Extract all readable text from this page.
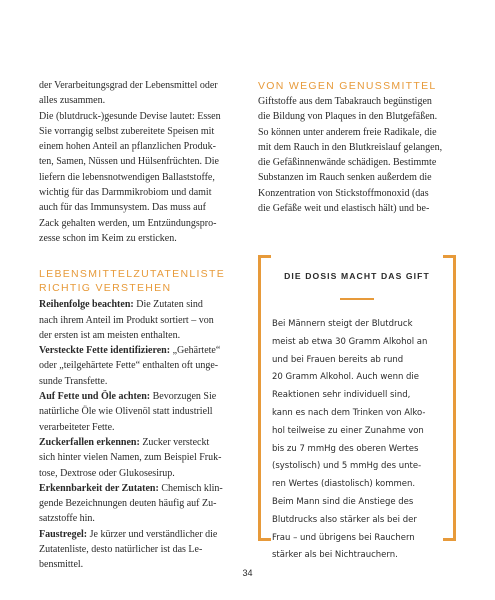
der Verarbeitungsgrad der Lebensmittel oder

alles zusammen.

Die (blutdruck-)gesunde Devise lautet: Essen

Sie vorrangig selbst zubereitete Speisen mit

einem hohen Anteil an pflanzlichen Produk-

ten, Samen, Nüssen und Hülsenfrüchten. Die

liefern die lebensnotwendigen Ballaststoffe,

wichtig für das Darmmikrobiom und damit

auch für das Immunsystem. Das muss auf

Zack gehalten werden, um Entzündungspro-

zesse schon im Keim zu ersticken.

LEBENSMITTELZUTATENLISTE
RICHTIG VERSTEHEN

Reihenfolge beachten: Die Zutaten sind

nach ihrem Anteil im Produkt sortiert – von

der ersten ist am meisten enthalten.

Versteckte Fette identifizieren: „Gehärtete“

oder „teilgehärtete Fette“ enthalten oft unge-

sunde Transfette.

Auf Fette und Öle achten: Bevorzugen Sie

natürliche Öle wie Olivenöl statt industriell

verarbeiteter Fette.

Zuckerfallen erkennen: Zucker versteckt

sich hinter vielen Namen, zum Beispiel Fruk-

tose, Dextrose oder Glukosesirup.

Erkennbarkeit der Zutaten: Chemisch klin-

gende Bezeichnungen deuten häufig auf Zu-

satzstoffe hin.

Faustregel: Je kürzer und verständlicher die

Zutatenliste, desto natürlicher ist das Le-

bensmittel.

VON WEGEN GENUSSMITTEL

Giftstoffe aus dem Tabakrauch begünstigen

die Bildung von Plaques in den Blutgefäßen.

So können unter anderem freie Radikale, die

mit dem Rauch in den Blutkreislauf gelangen,

die Gefäßinnenwände schädigen. Bestimmte

Substanzen im Rauch senken außerdem die

Konzentration von Stickstoffmonoxid (das

die Gefäße weit und elastisch hält) und be-

DIE DOSIS MACHT DAS GIFT
Bei Männern steigt der Blutdruck
meist ab etwa 30 Gramm Alkohol an
und bei Frauen bereits ab rund
20 Gramm Alkohol. Auch wenn die
Reaktionen sehr individuell sind,
kann es nach dem Trinken von Alko-
hol teilweise zu einer Zunahme von
bis zu 7 mmHg des oberen Wertes
(systolisch) und 5 mmHg des unte-
ren Wertes (diastolisch) kommen.
Beim Mann sind die Anstiege des
Blutdrucks also stärker als bei der
Frau – und übrigens bei Rauchern
stärker als bei Nichtrauchern.
34
